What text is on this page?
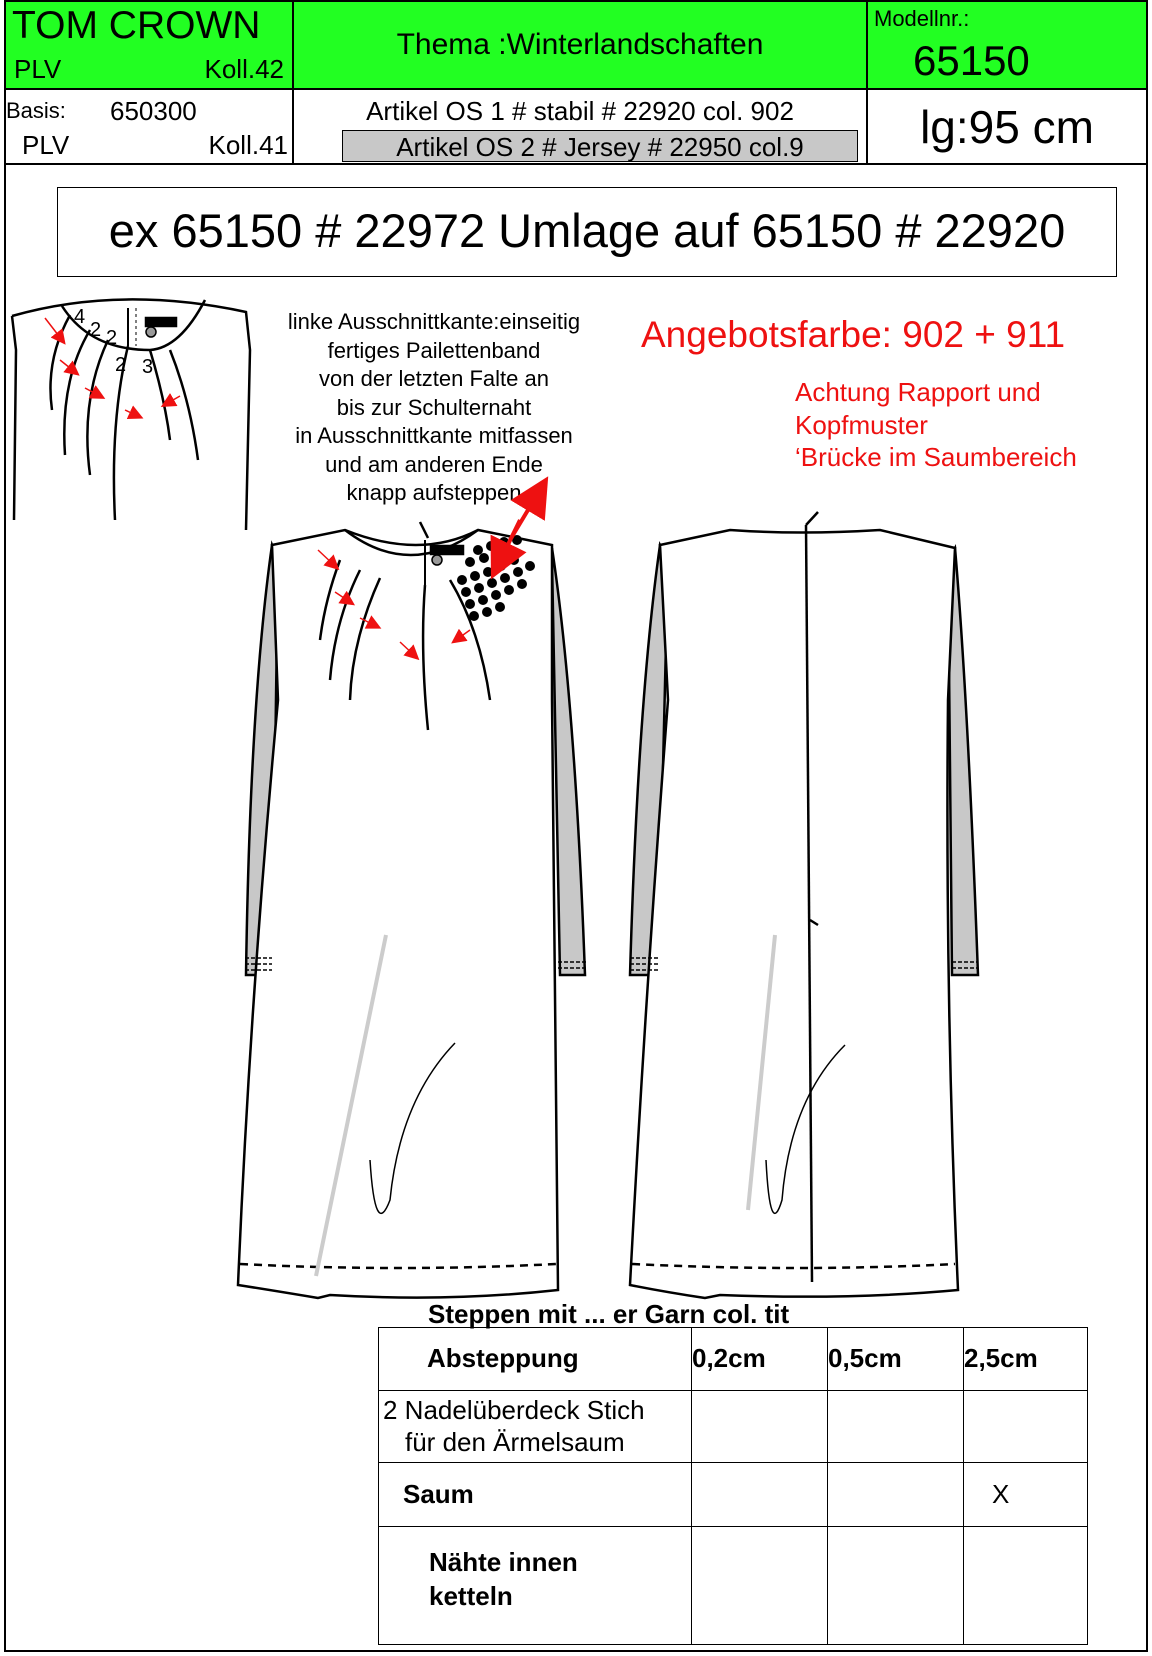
TOM CROWN
PLV	Koll.42
Thema :Winterlandschaften
Modellnr.:
65150
Basis: 650300
PLV	Koll.41
Artikel OS 1 # stabil # 22920 col. 902
Artikel OS 2 # Jersey # 22950 col.9	lg:95 cm
ex 65150 # 22972 Umlage auf 65150 # 22920
linke Ausschnittkante:einseitig
fertiges Pailettenband
von der letzten Falte an
bis zur Schulternaht
in Ausschnittkante mitfassen
und am anderen Ende
knapp aufsteppen
Angebotsfarbe: 902 + 911
Achtung Rapport und
Kopfmuster
‘Brücke im Saumbereich
4
2 2
2 3
Steppen mit ... er Garn col. tit
Absteppung	0,2cm	0,5cm	2,5cm

2 Nadelüberdeck Stich
für den Ärmelsaum			

Saum			X

Nähte innen
ketteln			
